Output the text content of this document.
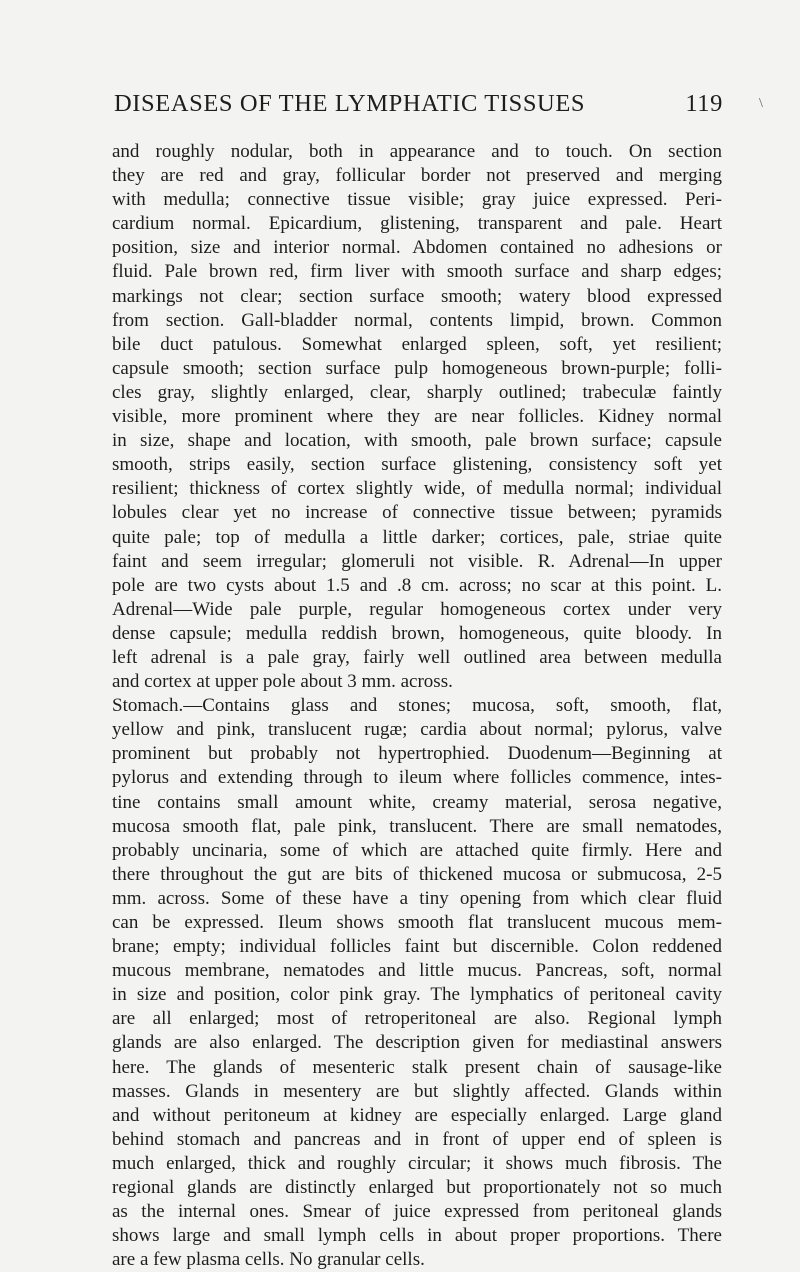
DISEASES OF THE LYMPHATIC TISSUES	119	\
and roughly nodular, both in appearance and to touch. On section
they are red and gray, follicular border not preserved and merging
with medulla; connective tissue visible; gray juice expressed. Peri-
cardium normal. Epicardium, glistening, transparent and pale. Heart
position, size and interior normal. Abdomen contained no adhesions or
fluid. Pale brown red, firm liver with smooth surface and sharp edges;
markings not clear; section surface smooth; watery blood expressed
from section. Gall-bladder normal, contents limpid, brown. Common
bile duct patulous. Somewhat enlarged spleen, soft, yet resilient;
capsule smooth; section surface pulp homogeneous brown-purple; folli-
cles gray, slightly enlarged, clear, sharply outlined; trabeculæ faintly
visible, more prominent where they are near follicles. Kidney normal
in size, shape and location, with smooth, pale brown surface; capsule
smooth, strips easily, section surface glistening, consistency soft yet
resilient; thickness of cortex slightly wide, of medulla normal; individual
lobules clear yet no increase of connective tissue between; pyramids
quite pale; top of medulla a little darker; cortices, pale, striae quite
faint and seem irregular; glomeruli not visible. R. Adrenal—In upper
pole are two cysts about 1.5 and .8 cm. across; no scar at this point. L.
Adrenal—Wide pale purple, regular homogeneous cortex under very
dense capsule; medulla reddish brown, homogeneous, quite bloody. In
left adrenal is a pale gray, fairly well outlined area between medulla
and cortex at upper pole about 3 mm. across.
Stomach.—Contains glass and stones; mucosa, soft, smooth, flat,
yellow and pink, translucent rugæ; cardia about normal; pylorus, valve
prominent but probably not hypertrophied. Duodenum—Beginning at
pylorus and extending through to ileum where follicles commence, intes-
tine contains small amount white, creamy material, serosa negative,
mucosa smooth flat, pale pink, translucent. There are small nematodes,
probably uncinaria, some of which are attached quite firmly. Here and
there throughout the gut are bits of thickened mucosa or submucosa, 2-5
mm. across. Some of these have a tiny opening from which clear fluid
can be expressed. Ileum shows smooth flat translucent mucous mem-
brane; empty; individual follicles faint but discernible. Colon reddened
mucous membrane, nematodes and little mucus. Pancreas, soft, normal
in size and position, color pink gray. The lymphatics of peritoneal cavity
are all enlarged; most of retroperitoneal are also. Regional lymph
glands are also enlarged. The description given for mediastinal answers
here. The glands of mesenteric stalk present chain of sausage-like
masses. Glands in mesentery are but slightly affected. Glands within
and without peritoneum at kidney are especially enlarged. Large gland
behind stomach and pancreas and in front of upper end of spleen is
much enlarged, thick and roughly circular; it shows much fibrosis. The
regional glands are distinctly enlarged but proportionately not so much
as the internal ones. Smear of juice expressed from peritoneal glands
shows large and small lymph cells in about proper proportions. There
are a few plasma cells. No granular cells.
